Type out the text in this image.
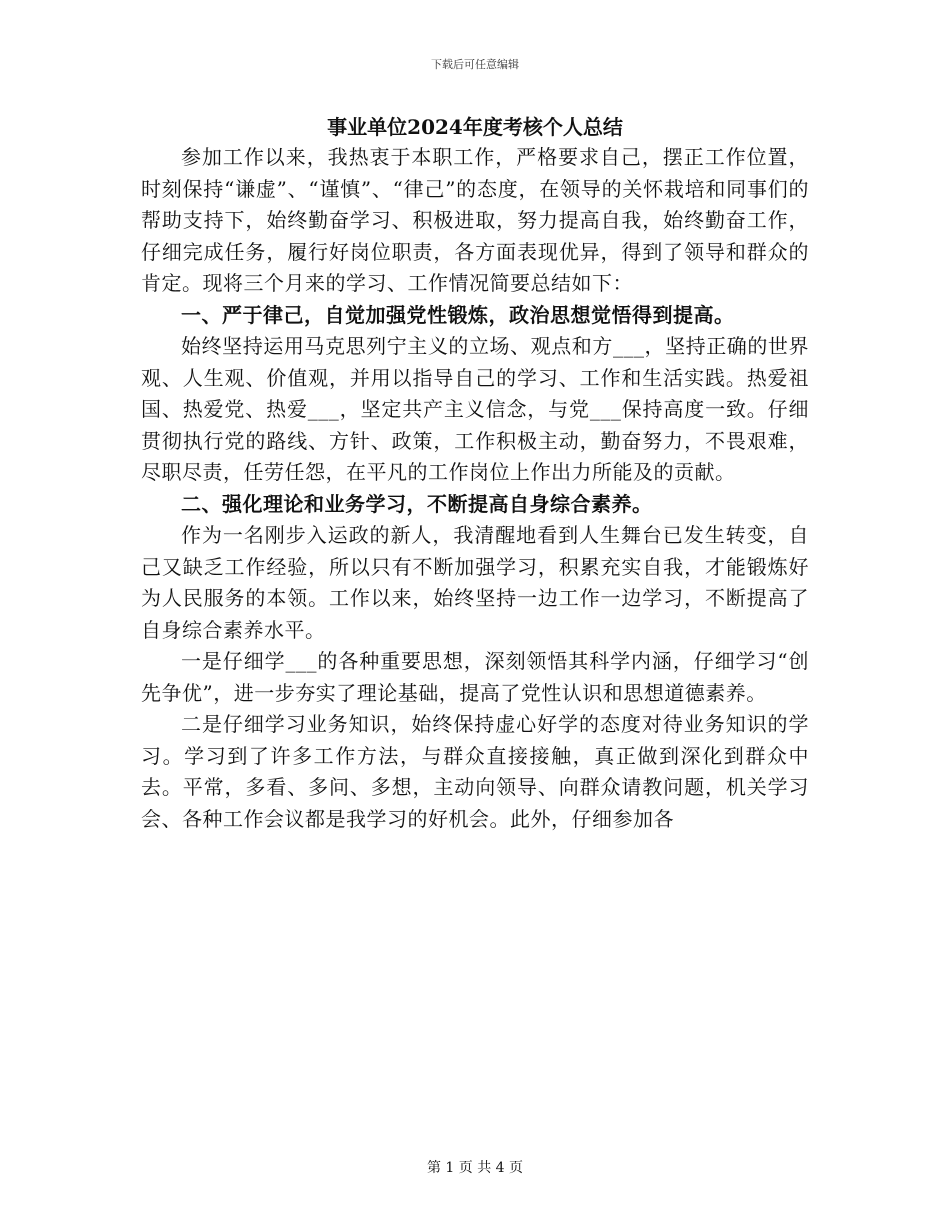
下载后可任意编辑
事业单位2024年度考核个人总结

参加工作以来，我热衷于本职工作，严格要求自己，摆正工作位置，时刻保持“谦虚”、“谨慎”、“律己”的态度，在领导的关怀栽培和同事们的帮助支持下，始终勤奋学习、积极进取，努力提高自我，始终勤奋工作，仔细完成任务，履行好岗位职责，各方面表现优异，得到了领导和群众的肯定。现将三个月来的学习、工作情况简要总结如下：

一、严于律己，自觉加强党性锻炼，政治思想觉悟得到提高。

始终坚持运用马克思列宁主义的立场、观点和方___，坚持正确的世界观、人生观、价值观，并用以指导自己的学习、工作和生活实践。热爱祖国、热爱党、热爱___，坚定共产主义信念，与党___保持高度一致。仔细贯彻执行党的路线、方针、政策，工作积极主动，勤奋努力，不畏艰难，尽职尽责，任劳任怨，在平凡的工作岗位上作出力所能及的贡献。

二、强化理论和业务学习，不断提高自身综合素养。

作为一名刚步入运政的新人，我清醒地看到人生舞台已发生转变，自己又缺乏工作经验，所以只有不断加强学习，积累充实自我，才能锻炼好为人民服务的本领。工作以来，始终坚持一边工作一边学习，不断提高了自身综合素养水平。

一是仔细学___的各种重要思想，深刻领悟其科学内涵，仔细学习“创先争优”，进一步夯实了理论基础，提高了党性认识和思想道德素养。

二是仔细学习业务知识，始终保持虚心好学的态度对待业务知识的学习。学习到了许多工作方法，与群众直接接触，真正做到深化到群众中去。平常，多看、多问、多想，主动向领导、向群众请教问题，机关学习会、各种工作会议都是我学习的好机会。此外，仔细参加各

第 1 页 共 4 页
